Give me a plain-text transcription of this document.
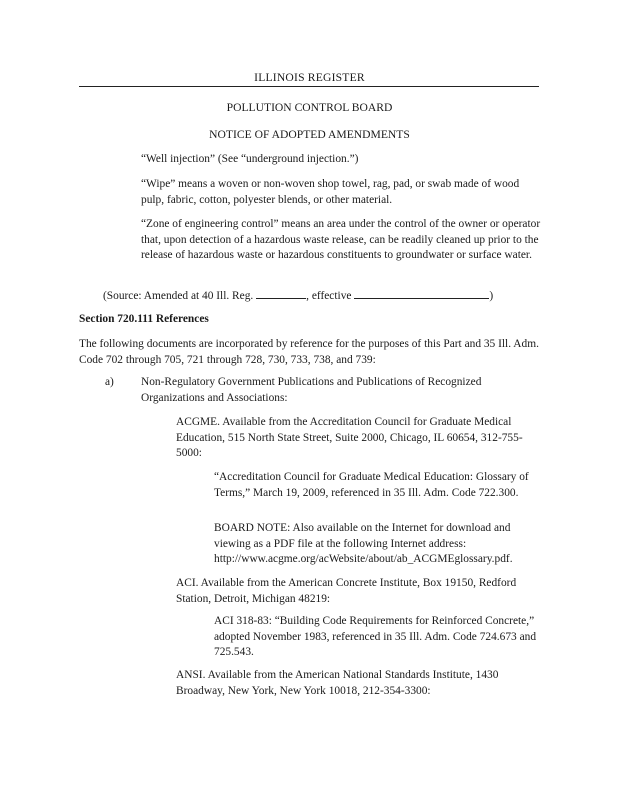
ILLINOIS REGISTER
POLLUTION CONTROL BOARD
NOTICE OF ADOPTED AMENDMENTS
“Well injection” (See “underground injection.”)
“Wipe” means a woven or non-woven shop towel, rag, pad, or swab made of wood pulp, fabric, cotton, polyester blends, or other material.
“Zone of engineering control” means an area under the control of the owner or operator that, upon detection of a hazardous waste release, can be readily cleaned up prior to the release of hazardous waste or hazardous constituents to groundwater or surface water.
(Source: Amended at 40 Ill. Reg.	, effective	)
Section 720.111 References
The following documents are incorporated by reference for the purposes of this Part and 35 Ill. Adm. Code 702 through 705, 721 through 728, 730, 733, 738, and 739:
a) Non-Regulatory Government Publications and Publications of Recognized Organizations and Associations:
ACGME. Available from the Accreditation Council for Graduate Medical Education, 515 North State Street, Suite 2000, Chicago, IL 60654, 312-755-5000:
“Accreditation Council for Graduate Medical Education: Glossary of Terms,” March 19, 2009, referenced in 35 Ill. Adm. Code 722.300.
BOARD NOTE: Also available on the Internet for download and viewing as a PDF file at the following Internet address: http://www.acgme.org/acWebsite/about/ab_ACGMEglossary.pdf.
ACI. Available from the American Concrete Institute, Box 19150, Redford Station, Detroit, Michigan 48219:
ACI 318-83: “Building Code Requirements for Reinforced Concrete,” adopted November 1983, referenced in 35 Ill. Adm. Code 724.673 and 725.543.
ANSI. Available from the American National Standards Institute, 1430 Broadway, New York, New York 10018, 212-354-3300:
